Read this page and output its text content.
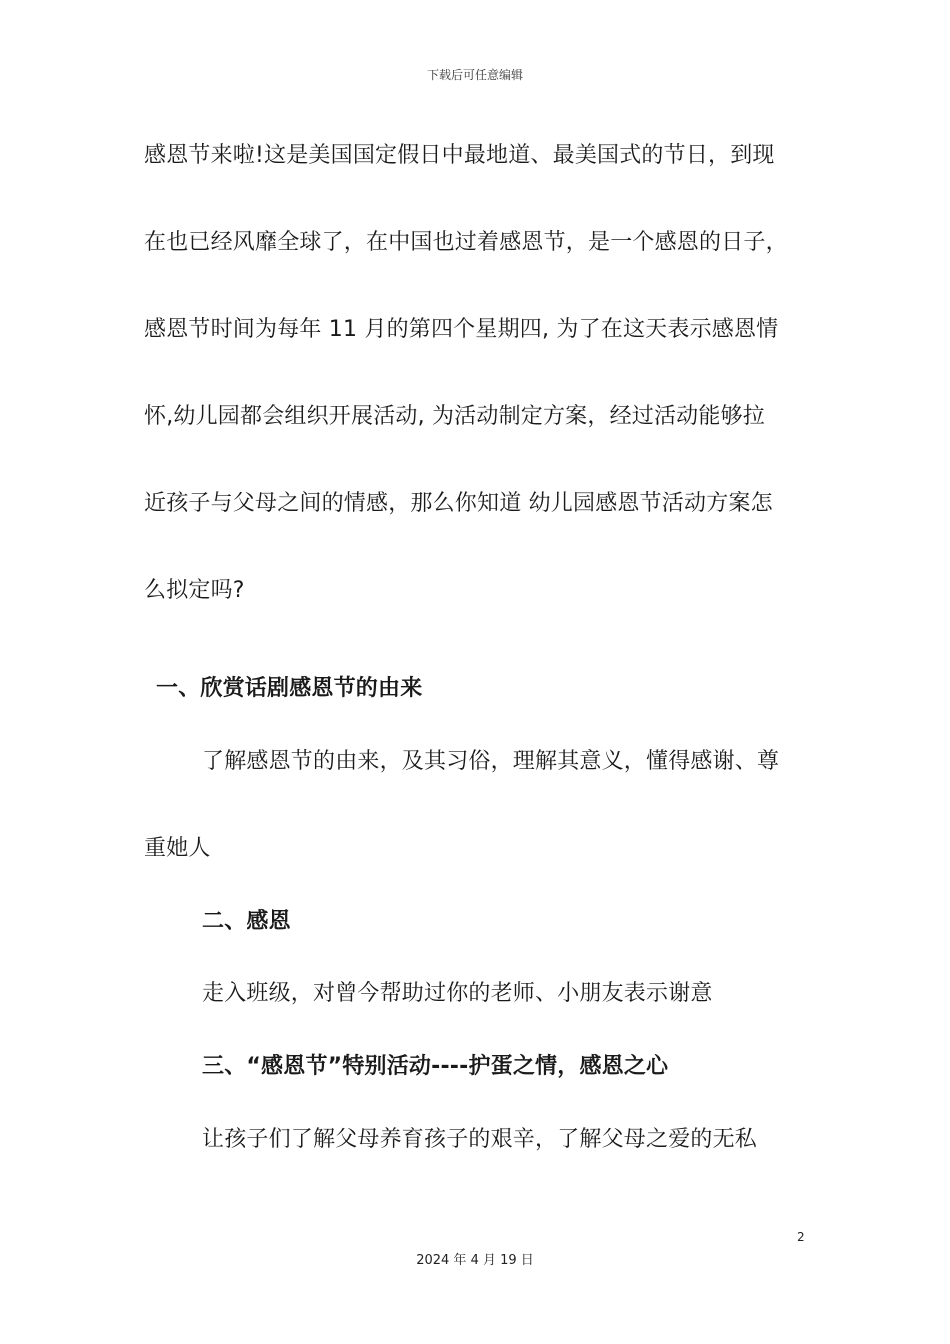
下载后可任意编辑
感恩节来啦!这是美国国定假日中最地道、最美国式的节日，到现
在也已经风靡全球了，在中国也过着感恩节，是一个感恩的日子，
感恩节时间为每年 11 月的第四个星期四, 为了在这天表示感恩情
怀,幼儿园都会组织开展活动, 为活动制定方案，经过活动能够拉
近孩子与父母之间的情感，那么你知道 幼儿园感恩节活动方案怎
么拟定吗?
一、欣赏话剧感恩节的由来
了解感恩节的由来，及其习俗，理解其意义，懂得感谢、尊
重她人
二、感恩
走入班级，对曾今帮助过你的老师、小朋友表示谢意
三、“感恩节”特别活动----护蛋之情，感恩之心
让孩子们了解父母养育孩子的艰辛，了解父母之爱的无私
2
2024 年 4 月 19 日
